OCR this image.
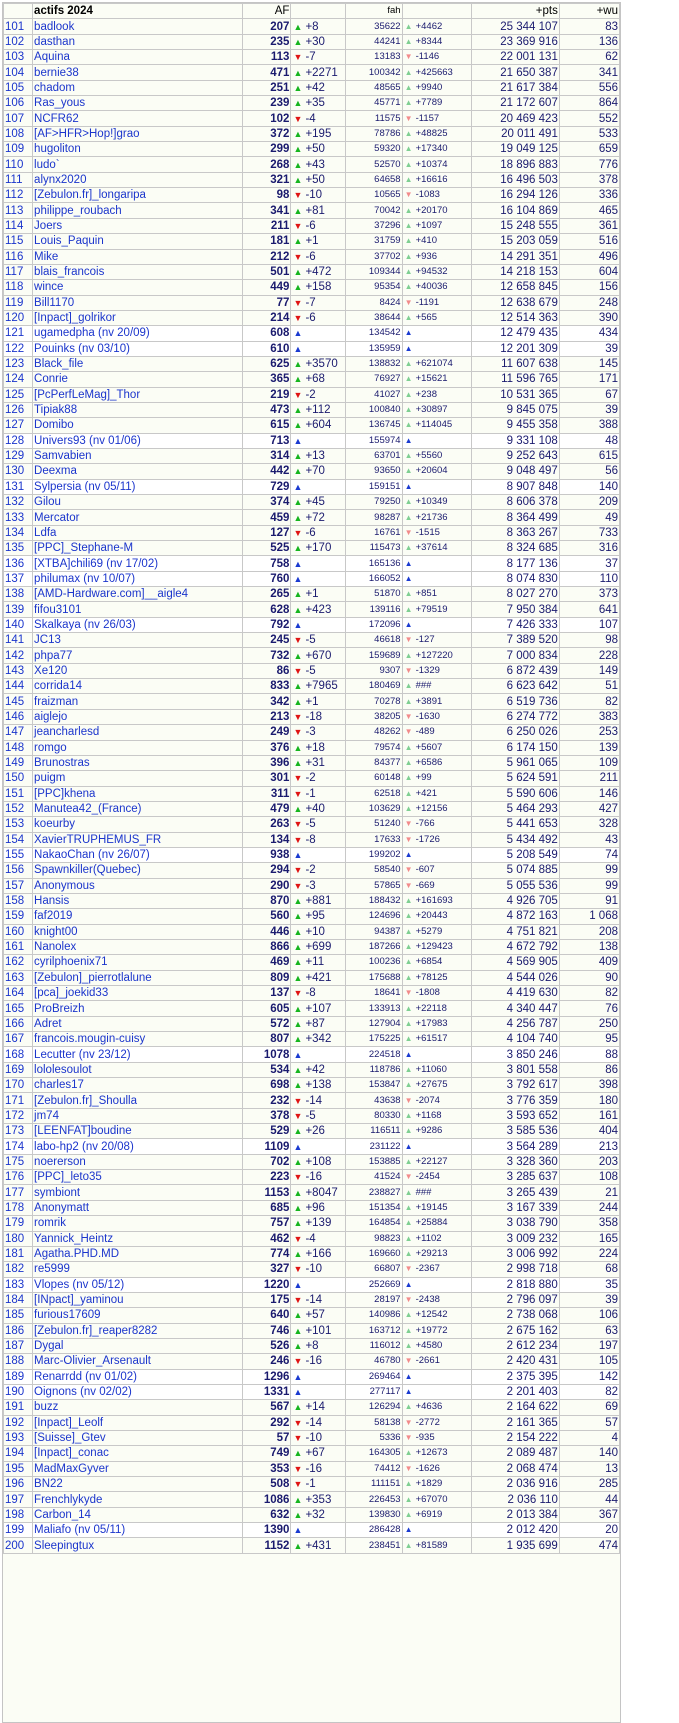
	actifs 2024	AF		fah		+pts	+wu
101	badlook	207	▲ +8	35622	▲ +4462	25 344 107	83
102	dasthan	235	▲ +30	44241	▲ +8344	23 369 916	136
103	Aquina	113	▼ -7	13183	▼ -1146	22 001 131	62
104	bernie38	471	▲ +2271	100342	▲ +425663	21 650 387	341
105	chadom	251	▲ +42	48565	▲ +9940	21 617 384	556
106	Ras_yous	239	▲ +35	45771	▲ +7789	21 172 607	864
107	NCFR62	102	▼ -4	11575	▼ -1157	20 469 423	552
108	[AF>HFR>Hop!]grao	372	▲ +195	78786	▲ +48825	20 011 491	533
109	hugoliton	299	▲ +50	59320	▲ +17340	19 049 125	659
110	ludo`	268	▲ +43	52570	▲ +10374	18 896 883	776
111	alynx2020	321	▲ +50	64658	▲ +16616	16 496 503	378
112	[Zebulon.fr]_longaripa	98	▼ -10	10565	▼ -1083	16 294 126	336
113	philippe_roubach	341	▲ +81	70042	▲ +20170	16 104 869	465
114	Joers	211	▼ -6	37296	▲ +1097	15 248 555	361
115	Louis_Paquin	181	▲ +1	31759	▲ +410	15 203 059	516
116	Mike	212	▼ -6	37702	▲ +936	14 291 351	496
117	blais_francois	501	▲ +472	109344	▲ +94532	14 218 153	604
118	wince	449	▲ +158	95354	▲ +40036	12 658 845	156
119	Bill1170	77	▼ -7	8424	▼ -1191	12 638 679	248
120	[Inpact]_golrikor	214	▼ -6	38644	▲ +565	12 514 363	390
121	ugamedpha (nv 20/09)	608	▲	134542	▲	12 479 435	434
122	Pouinks (nv 03/10)	610	▲	135959	▲	12 201 309	39
123	Black_file	625	▲ +3570	138832	▲ +621074	11 607 638	145
124	Conrie	365	▲ +68	76927	▲ +15621	11 596 765	171
125	[PcPerfLeMag]_Thor	219	▼ -2	41027	▲ +238	10 531 365	67
126	Tipiak88	473	▲ +112	100840	▲ +30897	9 845 075	39
127	Domibo	615	▲ +604	136745	▲ +114045	9 455 358	388
128	Univers93 (nv 01/06)	713	▲	155974	▲	9 331 108	48
129	Samvabien	314	▲ +13	63701	▲ +5560	9 252 643	615
130	Deexma	442	▲ +70	93650	▲ +20604	9 048 497	56
131	Sylpersia (nv 05/11)	729	▲	159151	▲	8 907 848	140
132	Gilou	374	▲ +45	79250	▲ +10349	8 606 378	209
133	Mercator	459	▲ +72	98287	▲ +21736	8 364 499	49
134	Ldfa	127	▼ -6	16761	▼ -1515	8 363 267	733
135	[PPC]_Stephane-M	525	▲ +170	115473	▲ +37614	8 324 685	316
136	[XTBA]chili69 (nv 17/02)	758	▲	165136	▲	8 177 136	37
137	philumax (nv 10/07)	760	▲	166052	▲	8 074 830	110
138	[AMD-Hardware.com]__aigle4	265	▲ +1	51870	▲ +851	8 027 270	373
139	fifou3101	628	▲ +423	139116	▲ +79519	7 950 384	641
140	Skalkaya (nv 26/03)	792	▲	172096	▲	7 426 333	107
141	JC13	245	▼ -5	46618	▼ -127	7 389 520	98
142	phpa77	732	▲ +670	159689	▲ +127220	7 000 834	228
143	Xe120	86	▼ -5	9307	▼ -1329	6 872 439	149
144	corrida14	833	▲ +7965	180469	▲ ###	6 623 642	51
145	fraizman	342	▲ +1	70278	▲ +3891	6 519 736	82
146	aiglejo	213	▼ -18	38205	▼ -1630	6 274 772	383
147	jeancharlesd	249	▼ -3	48262	▼ -489	6 250 026	253
148	romgo	376	▲ +18	79574	▲ +5607	6 174 150	139
149	Brunostras	396	▲ +31	84377	▲ +6586	5 961 065	109
150	puigm	301	▼ -2	60148	▲ +99	5 624 591	211
151	[PPC]khena	311	▼ -1	62518	▲ +421	5 590 606	146
152	Manutea42_(France)	479	▲ +40	103629	▲ +12156	5 464 293	427
153	koeurby	263	▼ -5	51240	▼ -766	5 441 653	328
154	XavierTRUPHEMUS_FR	134	▼ -8	17633	▼ -1726	5 434 492	43
155	NakaoChan (nv 26/07)	938	▲	199202	▲	5 208 549	74
156	Spawnkiller(Quebec)	294	▼ -2	58540	▼ -607	5 074 885	99
157	Anonymous	290	▼ -3	57865	▼ -669	5 055 536	99
158	Hansis	870	▲ +881	188432	▲ +161693	4 926 705	91
159	faf2019	560	▲ +95	124696	▲ +20443	4 872 163	1 068
160	knight00	446	▲ +10	94387	▲ +5279	4 751 821	208
161	Nanolex	866	▲ +699	187266	▲ +129423	4 672 792	138
162	cyrilphoenix71	469	▲ +11	100236	▲ +6854	4 569 905	409
163	[Zebulon]_pierrotlalune	809	▲ +421	175688	▲ +78125	4 544 026	90
164	[pca]_joekid33	137	▼ -8	18641	▼ -1808	4 419 630	82
165	ProBreizh	605	▲ +107	133913	▲ +22118	4 340 447	76
166	Adret	572	▲ +87	127904	▲ +17983	4 256 787	250
167	francois.mougin-cuisy	807	▲ +342	175225	▲ +61517	4 104 740	95
168	Lecutter (nv 23/12)	1078	▲	224518	▲	3 850 246	88
169	lololesoulot	534	▲ +42	118786	▲ +11060	3 801 558	86
170	charles17	698	▲ +138	153847	▲ +27675	3 792 617	398
171	[Zebulon.fr]_Shoulla	232	▼ -14	43638	▼ -2074	3 776 359	180
172	jm74	378	▼ -5	80330	▲ +1168	3 593 652	161
173	[LEENFAT]boudine	529	▲ +26	116511	▲ +9286	3 585 536	404
174	labo-hp2 (nv 20/08)	1109	▲	231122	▲	3 564 289	213
175	noererson	702	▲ +108	153885	▲ +22127	3 328 360	203
176	[PPC]_leto35	223	▼ -16	41524	▼ -2454	3 285 637	108
177	symbiont	1153	▲ +8047	238827	▲ ###	3 265 439	21
178	Anonymatt	685	▲ +96	151354	▲ +19145	3 167 339	244
179	romrik	757	▲ +139	164854	▲ +25884	3 038 790	358
180	Yannick_Heintz	462	▼ -4	98823	▲ +1102	3 009 232	165
181	Agatha.PHD.MD	774	▲ +166	169660	▲ +29213	3 006 992	224
182	re5999	327	▼ -10	66807	▼ -2367	2 998 718	68
183	Vlopes (nv 05/12)	1220	▲	252669	▲	2 818 880	35
184	[INpact]_yaminou	175	▼ -14	28197	▼ -2438	2 796 097	39
185	furious17609	640	▲ +57	140986	▲ +12542	2 738 068	106
186	[Zebulon.fr]_reaper8282	746	▲ +101	163712	▲ +19772	2 675 162	63
187	Dygal	526	▲ +8	116012	▲ +4580	2 612 234	197
188	Marc-Olivier_Arsenault	246	▼ -16	46780	▼ -2661	2 420 431	105
189	Renarrdd (nv 01/02)	1296	▲	269464	▲	2 375 395	142
190	Oignons (nv 02/02)	1331	▲	277117	▲	2 201 403	82
191	buzz	567	▲ +14	126294	▲ +4636	2 164 622	69
192	[Inpact]_Leolf	292	▼ -14	58138	▼ -2772	2 161 365	57
193	[Suisse]_Gtev	57	▼ -10	5336	▼ -935	2 154 222	4
194	[Inpact]_conac	749	▲ +67	164305	▲ +12673	2 089 487	140
195	MadMaxGyver	353	▼ -16	74412	▼ -1626	2 068 474	13
196	BN22	508	▼ -1	111151	▲ +1829	2 036 916	285
197	Frenchlykyde	1086	▲ +353	226453	▲ +67070	2 036 110	44
198	Carbon_14	632	▲ +32	139830	▲ +6919	2 013 384	367
199	Maliafo (nv 05/11)	1390	▲	286428	▲	2 012 420	20
200	Sleepingtux	1152	▲ +431	238451	▲ +81589	1 935 699	474
